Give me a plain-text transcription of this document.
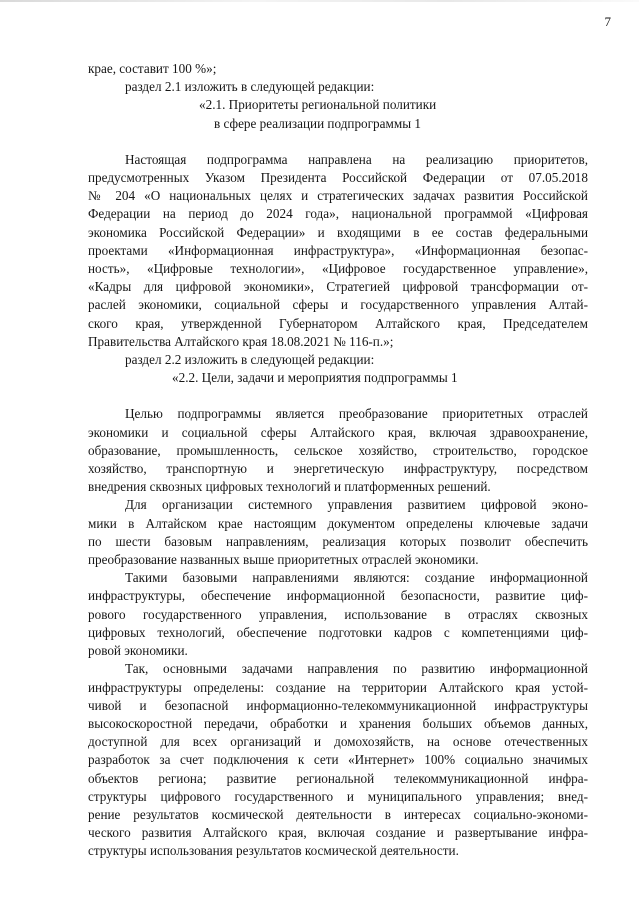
7
крае, составит 100 %»;
раздел 2.1 изложить в следующей редакции:
«2.1. Приоритеты региональной политики
в сфере реализации подпрограммы 1
Настоящая подпрограмма направлена на реализацию приоритетов,
предусмотренных Указом Президента Российской Федерации от 07.05.2018
№ 204 «О национальных целях и стратегических задачах развития Российской
Федерации на период до 2024 года», национальной программой «Цифровая
экономика Российской Федерации» и входящими в ее состав федеральными
проектами «Информационная инфраструктура», «Информационная безопас-
ность», «Цифровые технологии», «Цифровое государственное управление»,
«Кадры для цифровой экономики», Стратегией цифровой трансформации от-
раслей экономики, социальной сферы и государственного управления Алтай-
ского края, утвержденной Губернатором Алтайского края, Председателем
Правительства Алтайского края 18.08.2021 № 116-п.»;
раздел 2.2 изложить в следующей редакции:
«2.2. Цели, задачи и мероприятия подпрограммы 1
Целью подпрограммы является преобразование приоритетных отраслей
экономики и социальной сферы Алтайского края, включая здравоохранение,
образование, промышленность, сельское хозяйство, строительство, городское
хозяйство, транспортную и энергетическую инфраструктуру, посредством
внедрения сквозных цифровых технологий и платформенных решений.
Для организации системного управления развитием цифровой эконо-
мики в Алтайском крае настоящим документом определены ключевые задачи
по шести базовым направлениям, реализация которых позволит обеспечить
преобразование названных выше приоритетных отраслей экономики.
Такими базовыми направлениями являются: создание информационной
инфраструктуры, обеспечение информационной безопасности, развитие циф-
рового государственного управления, использование в отраслях сквозных
цифровых технологий, обеспечение подготовки кадров с компетенциями циф-
ровой экономики.
Так, основными задачами направления по развитию информационной
инфраструктуры определены: создание на территории Алтайского края устой-
чивой и безопасной информационно-телекоммуникационной инфраструктуры
высокоскоростной передачи, обработки и хранения больших объемов данных,
доступной для всех организаций и домохозяйств, на основе отечественных
разработок за счет подключения к сети «Интернет» 100% социально значимых
объектов региона; развитие региональной телекоммуникационной инфра-
структуры цифрового государственного и муниципального управления; внед-
рение результатов космической деятельности в интересах социально-экономи-
ческого развития Алтайского края, включая создание и развертывание инфра-
структуры использования результатов космической деятельности.
